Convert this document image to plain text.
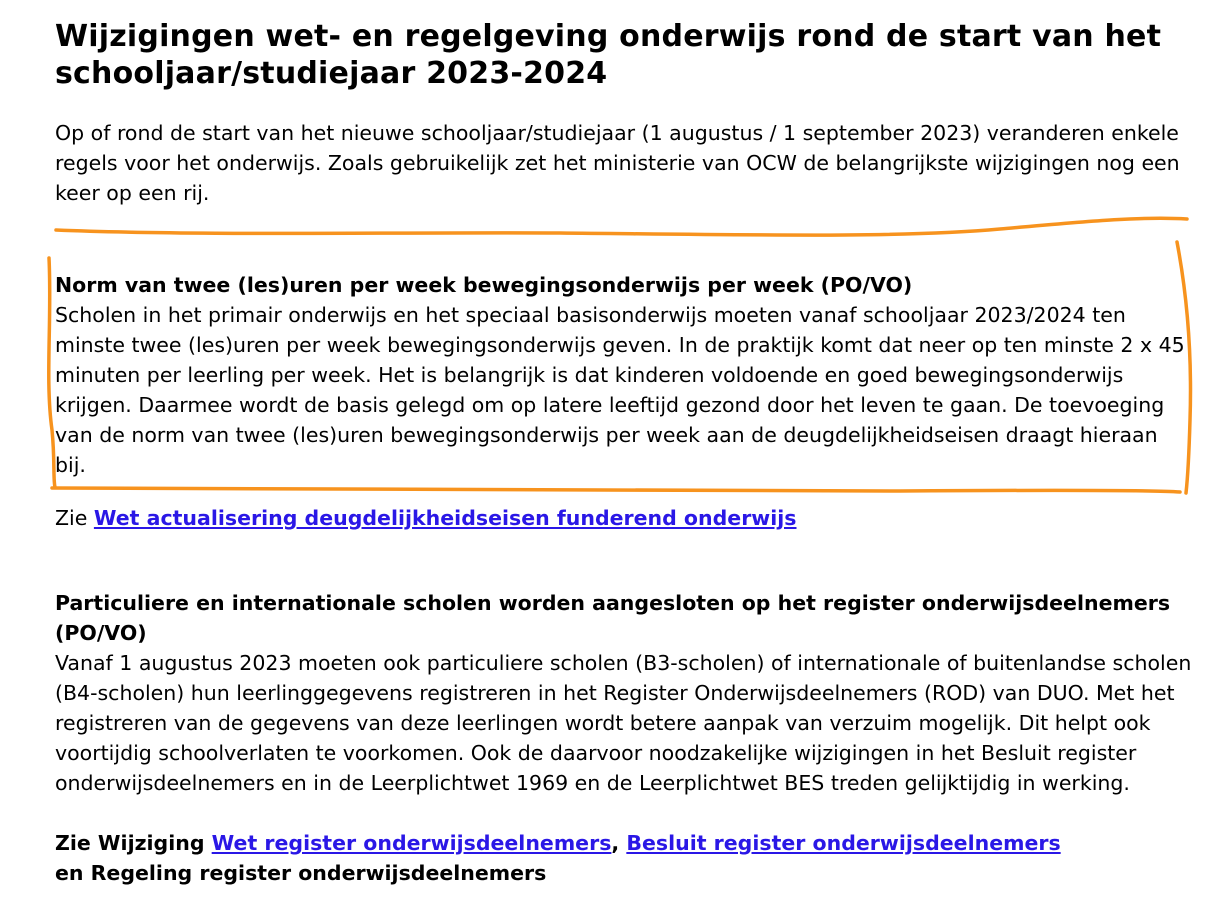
Wijzigingen wet- en regelgeving onderwijs rond de start van het schooljaar/studiejaar 2023-2024

Op of rond de start van het nieuwe schooljaar/studiejaar (1 augustus / 1 september 2023) veranderen enkele regels voor het onderwijs. Zoals gebruikelijk zet het ministerie van OCW de belangrijkste wijzigingen nog een keer op een rij.

Norm van twee (les)uren per week bewegingsonderwijs per week (PO/VO)

Scholen in het primair onderwijs en het speciaal basisonderwijs moeten vanaf schooljaar 2023/2024 ten minste twee (les)uren per week bewegingsonderwijs geven. In de praktijk komt dat neer op ten minste 2 x 45 minuten per leerling per week. Het is belangrijk is dat kinderen voldoende en goed bewegingsonderwijs krijgen. Daarmee wordt de basis gelegd om op latere leeftijd gezond door het leven te gaan. De toevoeging van de norm van twee (les)uren bewegingsonderwijs per week aan de deugdelijkheidseisen draagt hieraan bij.

Zie Wet actualisering deugdelijkheidseisen funderend onderwijs

Particuliere en internationale scholen worden aangesloten op het register onderwijsdeelnemers (PO/VO)

Vanaf 1 augustus 2023 moeten ook particuliere scholen (B3-scholen) of internationale of buitenlandse scholen (B4-scholen) hun leerlinggegevens registreren in het Register Onderwijsdeelnemers (ROD) van DUO. Met het registreren van de gegevens van deze leerlingen wordt betere aanpak van verzuim mogelijk. Dit helpt ook voortijdig schoolverlaten te voorkomen. Ook de daarvoor noodzakelijke wijzigingen in het Besluit register onderwijsdeelnemers en in de Leerplichtwet 1969 en de Leerplichtwet BES treden gelijktijdig in werking.

Zie Wijziging Wet register onderwijsdeelnemers, Besluit register onderwijsdeelnemers
en Regeling register onderwijsdeelnemers
